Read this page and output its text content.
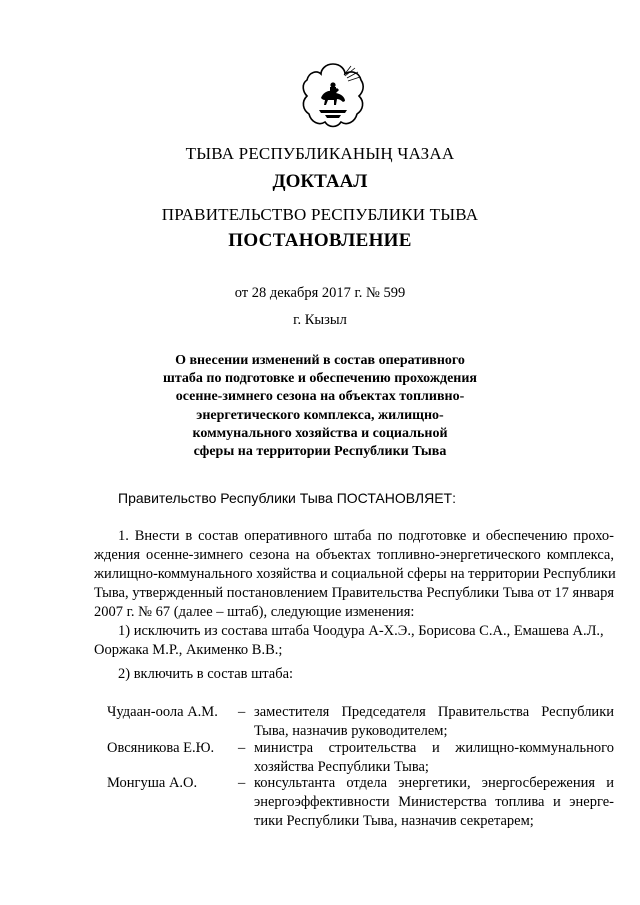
ТЫВА РЕСПУБЛИКАНЫҢ ЧАЗАА
ДОКТААЛ
ПРАВИТЕЛЬСТВО РЕСПУБЛИКИ ТЫВА
ПОСТАНОВЛЕНИЕ
от 28 декабря 2017 г. № 599
г. Кызыл
О внесении изменений в состав оперативного
штаба по подготовке и обеспечению прохождения
осенне-зимнего сезона на объектах топливно-
энергетического комплекса, жилищно-
коммунального хозяйства и социальной
сферы на территории Республики Тыва
Правительство Республики Тыва ПОСТАНОВЛЯЕТ:
1. Внести в состав оперативного штаба по подготовке и обеспечению прохо-
ждения осенне-зимнего сезона на объектах топливно-энергетического комплекса,
жилищно-коммунального хозяйства и социальной сферы на территории Республики
Тыва, утвержденный постановлением Правительства Республики Тыва от 17 января
2007 г. № 67 (далее – штаб), следующие изменения:
1) исключить из состава штаба Чоодура А-Х.Э., Борисова С.А., Емашева А.Л.,
Ооржака М.Р., Акименко В.В.;
2) включить в состав штаба:
Чудаан-оола А.М. – заместителя Председателя Правительства Республики
Тыва, назначив руководителем;
Овсяникова Е.Ю. – министра строительства и жилищно-коммунального
хозяйства Республики Тыва;
Монгуша А.О.	– консультанта отдела энергетики, энергосбережения и
энергоэффективности Министерства топлива и энерге-
тики Республики Тыва, назначив секретарем;
